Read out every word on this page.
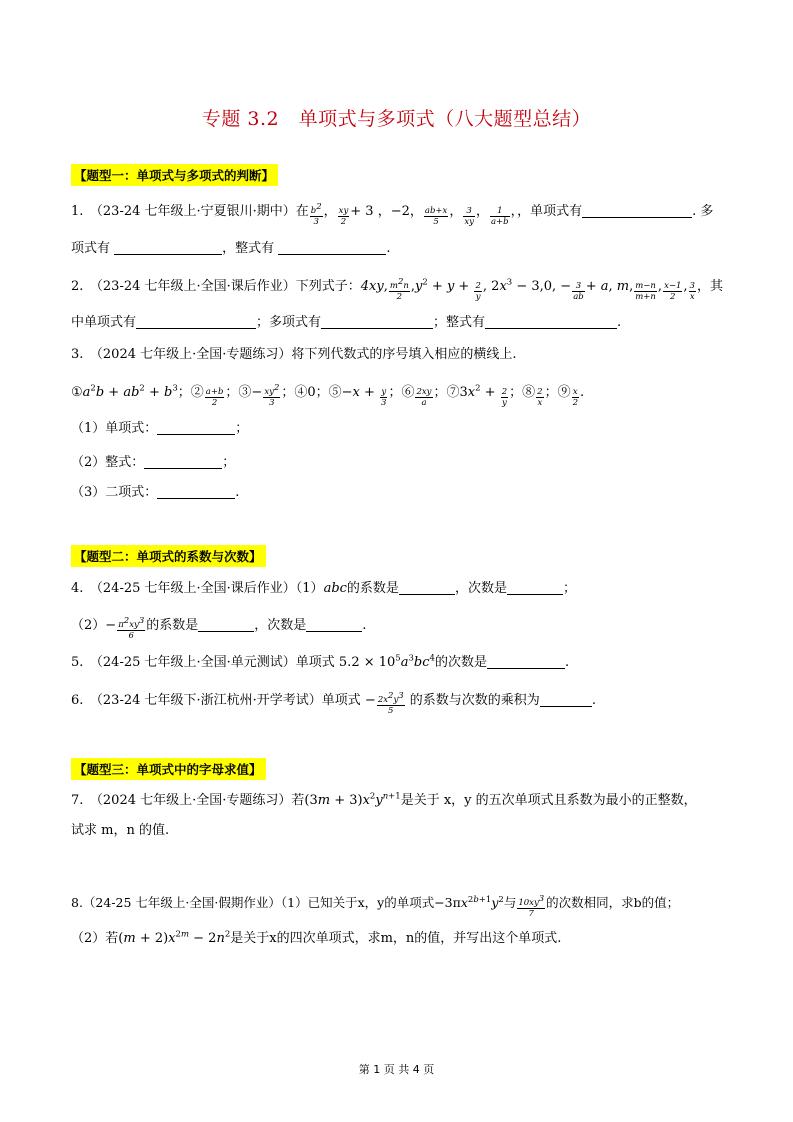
专题 3.2　单项式与多项式（八大题型总结）
【题型一：单项式与多项式的判断】
1.　（23-24 七年级上·宁夏银川·期中）在 $\frac{b^2}{3}$ ， $\frac{xy}{2} + 3$ ，−2， $\frac{ab+x}{5}$ ， $\frac{3}{xy}$ ， $\frac{1}{a+b}$ ，，单项式有	. 多
项式有	，整式有	.
2.　（23-24 七年级上·全国·课后作业）下列式子：4xy, $\frac{m^2n}{2} ,y^2 + y + \frac{2}{y}$ , $2x^3 - 3,0$, − $\frac{3}{ab} + a$, m, $\frac{m-n}{m+n}$ , $\frac{x-1}{2}$ , $\frac{3}{x}$ ，其
中单项式有	；多项式有	；整式有	.
3.　（2024 七年级上·全国·专题练习）将下列代数式的序号填入相应的横线上.
$①a^2b + ab^2 + b^3$；② $\frac{a+b}{2}$ ；③− $\frac{xy^2}{3}$ ；④0；⑤−x + $\frac{y}{3}$ ；⑥ $\frac{2xy}{a}$ ；$⑦3x^2 + \frac{2}{y}$ ；⑧ $\frac{2}{x}$ ；⑨ $\frac{x}{2}$ .
（1）单项式：	；
（2）整式：	；
（3）二项式：	.
【题型二：单项式的系数与次数】
4.　（24-25 七年级上·全国·课后作业）（1）abc的系数是	，次数是	；
$(2)- \frac{\pi^2xy^3}{6}$ 的系数是	，次数是	.
5.　（24-25 七年级上·全国·单元测试）单项式 $5.2 \times 10^5a^3bc^4$的次数是	.
6.　（23-24 七年级下·浙江杭州·开学考试）单项式 − $\frac{2x^2y^3}{5}$ 的系数与次数的乘积为	.
【题型三：单项式中的字母求值】
7.　（2024 七年级上·全国·专题练习）若$(3m + 3)x^2y^{n+1}$是关于 x，y 的五次单项式且系数为最小的正整数，
试求 m，n 的值.
8.（24-25 七年级上·全国·假期作业）（1）已知关于x，y的单项式$-3\pi x^{2b+1}y^2$与 $\frac{10xy^3}{7}$ 的次数相同，求b的值；
（2）若$(m + 2)x^{2m} - 2n^2$是关于x的四次单项式，求m，n的值，并写出这个单项式.
第 1 页 共 4 页
